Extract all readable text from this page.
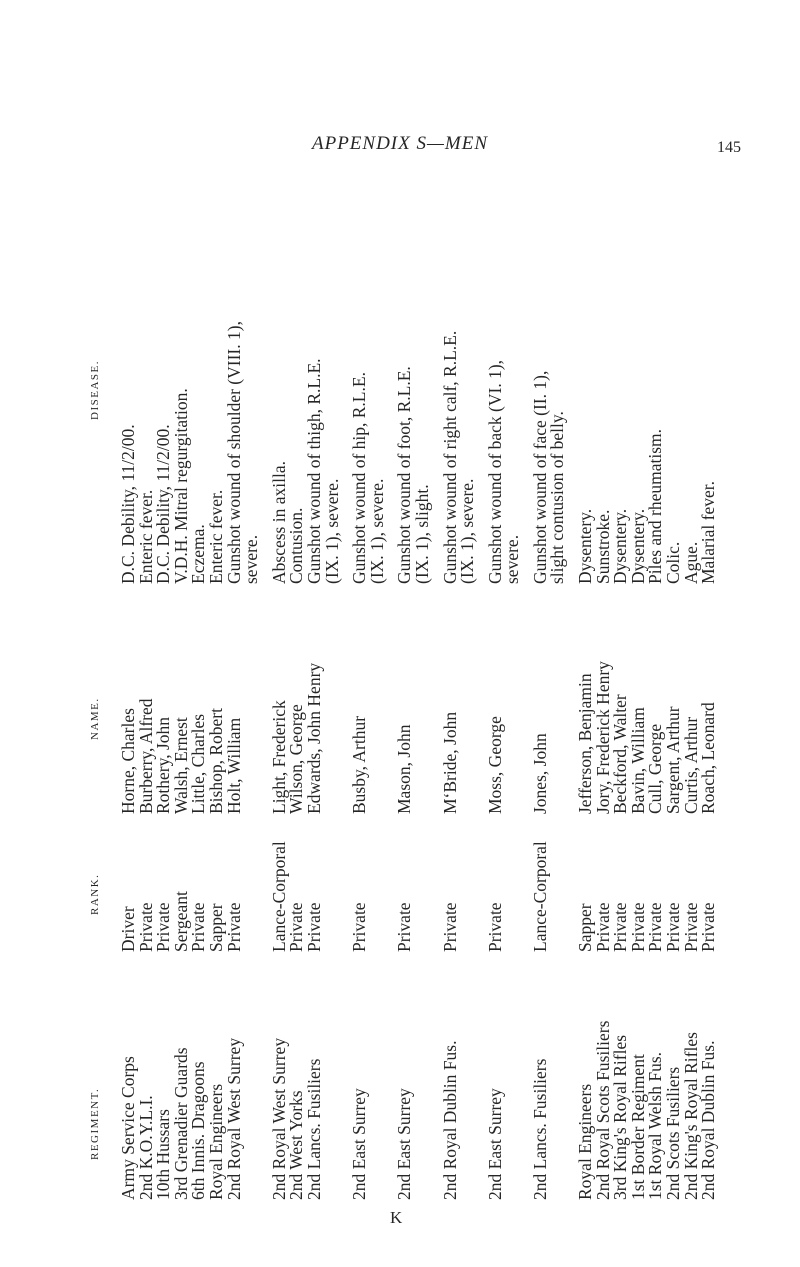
APPENDIX S—MEN	145
REGIMENT.
RANK.
NAME.
DISEASE.
Army Service Corps
Driver
Horne, Charles
D.C. Debility, 11/2/00.
2nd K.O.Y.L.I.
Private
Burberry, Alfred
Enteric fever.
10th Hussars
Private
Rothery, John
D.C. Debility, 11/2/00.
3rd Grenadier Guards
Sergeant
Walsh, Ernest
V.D.H. Mitral regurgitation.
6th Innis. Dragoons
Private
Little, Charles
Eczema.
Royal Engineers
Sapper
Bishop, Robert
Enteric fever.
2nd Royal West Surrey
Private
Holt, William
Gunshot wound of shoulder (VIII. 1),
severe.
2nd Royal West Surrey
Lance-Corporal
Light, Frederick
Abscess in axilla.
2nd West Yorks
Private
Wilson, George
Contusion.
2nd Lancs. Fusiliers
Private
Edwards, John Henry
Gunshot wound of thigh, R.L.E.
(IX. 1), severe.
2nd East Surrey
Private
Busby, Arthur
Gunshot wound of hip, R.L.E.
(IX. 1), severe.
2nd East Surrey
Private
Mason, John
Gunshot wound of foot, R.L.E.
(IX. 1), slight.
2nd Royal Dublin Fus.
Private
M‘Bride, John
Gunshot wound of right calf, R.L.E.
(IX. 1), severe.
2nd East Surrey
Private
Moss, George
Gunshot wound of back (VI. 1),
severe.
2nd Lancs. Fusiliers
Lance-Corporal
Jones, John
Gunshot wound of face (II. 1),
slight contusion of belly.
Royal Engineers
Sapper
Jefferson, Benjamin
Dysentery.
2nd Royal Scots Fusiliers
Private
Jory, Frederick Henry
Sunstroke.
3rd King's Royal Rifles
Private
Beckford, Walter
Dysentery.
1st Border Regiment
Private
Bavin, William
Dysentery.
1st Royal Welsh Fus.
Private
Cull, George
Piles and rheumatism.
2nd Scots Fusiliers
Private
Sargent, Arthur
Colic.
2nd King's Royal Rifles
Private
Curtis, Arthur
Ague.
2nd Royal Dublin Fus.
Private
Roach, Leonard
Malarial fever.
K
